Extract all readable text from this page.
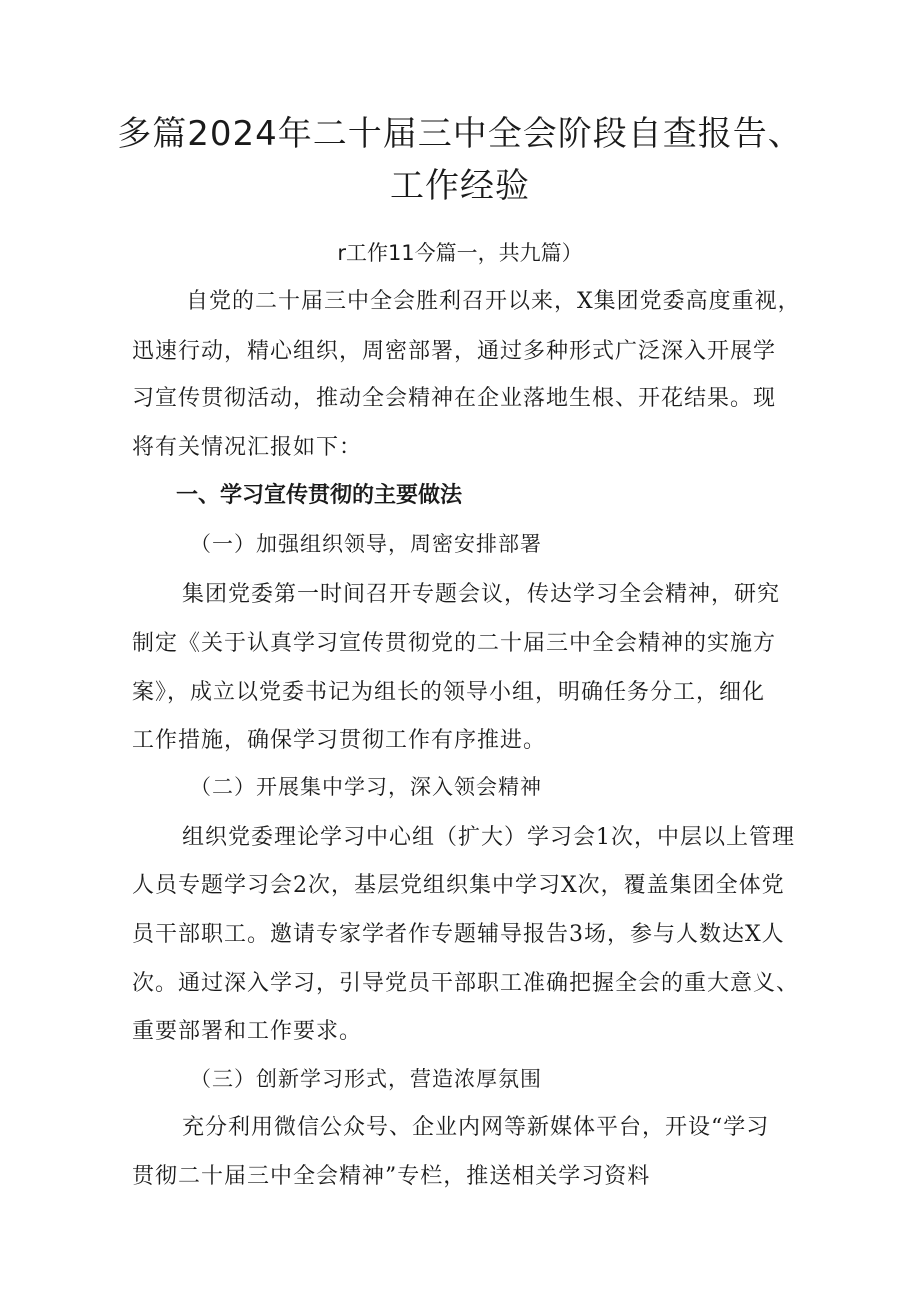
多篇2024年二十届三中全会阶段自查报告、
工作经验
r工作11今篇一，共九篇）
自党的二十届三中全会胜利召开以来，X集团党委高度重视，
迅速行动，精心组织，周密部署，通过多种形式广泛深入开展学
习宣传贯彻活动，推动全会精神在企业落地生根、开花结果。现
将有关情况汇报如下：
一、学习宣传贯彻的主要做法
（一）加强组织领导，周密安排部署
集团党委第一时间召开专题会议，传达学习全会精神，研究
制定《关于认真学习宣传贯彻党的二十届三中全会精神的实施方
案》，成立以党委书记为组长的领导小组，明确任务分工，细化
工作措施，确保学习贯彻工作有序推进。
（二）开展集中学习，深入领会精神
组织党委理论学习中心组（扩大）学习会1次，中层以上管理
人员专题学习会2次，基层党组织集中学习X次，覆盖集团全体党
员干部职工。邀请专家学者作专题辅导报告3场，参与人数达X人
次。通过深入学习，引导党员干部职工准确把握全会的重大意义、
重要部署和工作要求。
（三）创新学习形式，营造浓厚氛围
充分利用微信公众号、企业内网等新媒体平台，开设“学习
贯彻二十届三中全会精神”专栏，推送相关学习资料
